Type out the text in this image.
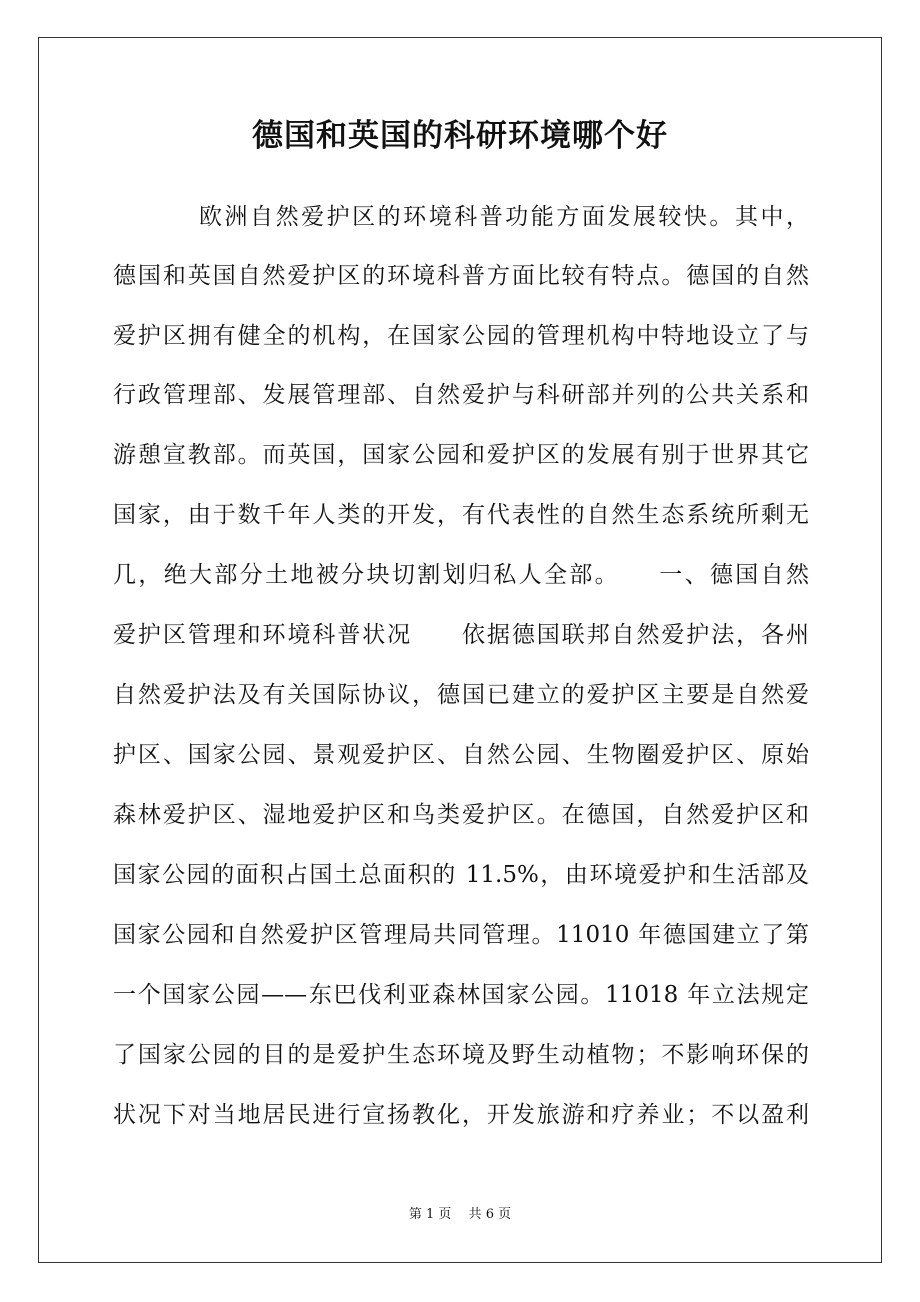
德国和英国的科研环境哪个好
欧洲自然爱护区的环境科普功能方面发展较快。其中，
德国和英国自然爱护区的环境科普方面比较有特点。德国的自然
爱护区拥有健全的机构，在国家公园的管理机构中特地设立了与
行政管理部、发展管理部、自然爱护与科研部并列的公共关系和
游憩宣教部。而英国，国家公园和爱护区的发展有别于世界其它
国家，由于数千年人类的开发，有代表性的自然生态系统所剩无
几，绝大部分土地被分块切割划归私人全部。　　一、德国自然
爱护区管理和环境科普状况　　依据德国联邦自然爱护法，各州
自然爱护法及有关国际协议，德国已建立的爱护区主要是自然爱
护区、国家公园、景观爱护区、自然公园、生物圈爱护区、原始
森林爱护区、湿地爱护区和鸟类爱护区。在德国，自然爱护区和
国家公园的面积占国土总面积的 11.5%，由环境爱护和生活部及
国家公园和自然爱护区管理局共同管理。11010 年德国建立了第
一个国家公园——东巴伐利亚森林国家公园。11018 年立法规定
了国家公园的目的是爱护生态环境及野生动植物；不影响环保的
状况下对当地居民进行宣扬教化，开发旅游和疗养业；不以盈利
第 1 页　 共 6 页
